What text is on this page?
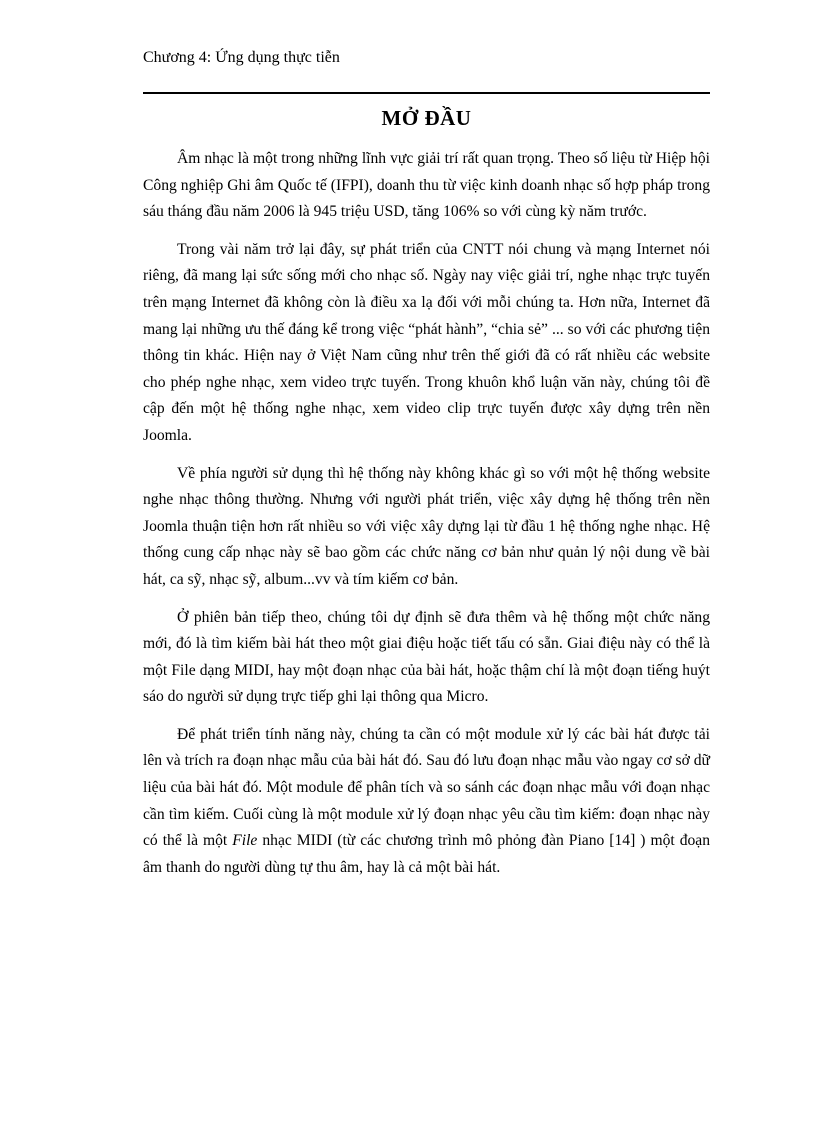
Chương 4: Ứng dụng thực tiễn
MỞ ĐẦU

Âm nhạc là một trong những lĩnh vực giải trí rất quan trọng. Theo số liệu từ Hiệp hội Công nghiệp Ghi âm Quốc tế (IFPI), doanh thu từ việc kinh doanh nhạc số hợp pháp trong sáu tháng đầu năm 2006 là 945 triệu USD, tăng 106% so với cùng kỳ năm trước.

Trong vài năm trở lại đây, sự phát triển của CNTT nói chung và mạng Internet nói riêng, đã mang lại sức sống mới cho nhạc số. Ngày nay việc giải trí, nghe nhạc trực tuyến trên mạng Internet đã không còn là điều xa lạ đối với mỗi chúng ta. Hơn nữa, Internet đã mang lại những ưu thế đáng kể trong việc “phát hành”, “chia sẻ” ... so với các phương tiện thông tin khác. Hiện nay ở Việt Nam cũng như trên thế giới đã có rất nhiều các website cho phép nghe nhạc, xem video trực tuyến. Trong khuôn khổ luận văn này, chúng tôi đề cập đến một hệ thống nghe nhạc, xem video clip trực tuyến được xây dựng trên nền Joomla.

Về phía người sử dụng thì hệ thống này không khác gì so với một hệ thống website nghe nhạc thông thường. Nhưng với người phát triển, việc xây dựng hệ thống trên nền Joomla thuận tiện hơn rất nhiều so với việc xây dựng lại từ đầu 1 hệ thống nghe nhạc. Hệ thống cung cấp nhạc này sẽ bao gồm các chức năng cơ bản như quản lý nội dung về bài hát, ca sỹ, nhạc sỹ, album...vv và tím kiếm cơ bản.

Ở phiên bản tiếp theo, chúng tôi dự định sẽ đưa thêm và hệ thống một chức năng mới, đó là tìm kiếm bài hát theo một giai điệu hoặc tiết tấu có sẵn. Giai điệu này có thể là một File dạng MIDI, hay một đoạn nhạc của bài hát, hoặc thậm chí là một đoạn tiếng huýt sáo do người sử dụng trực tiếp ghi lại thông qua Micro.

Để phát triển tính năng này, chúng ta cần có một module xử lý các bài hát được tải lên và trích ra đoạn nhạc mẫu của bài hát đó. Sau đó lưu đoạn nhạc mẫu vào ngay cơ sở dữ liệu của bài hát đó. Một module để phân tích và so sánh các đoạn nhạc mẫu với đoạn nhạc cần tìm kiếm. Cuối cùng là một module xử lý đoạn nhạc yêu cầu tìm kiếm: đoạn nhạc này có thể là một File nhạc MIDI (từ các chương trình mô phỏng đàn Piano [14] ) một đoạn âm thanh do người dùng tự thu âm, hay là cả một bài hát.
